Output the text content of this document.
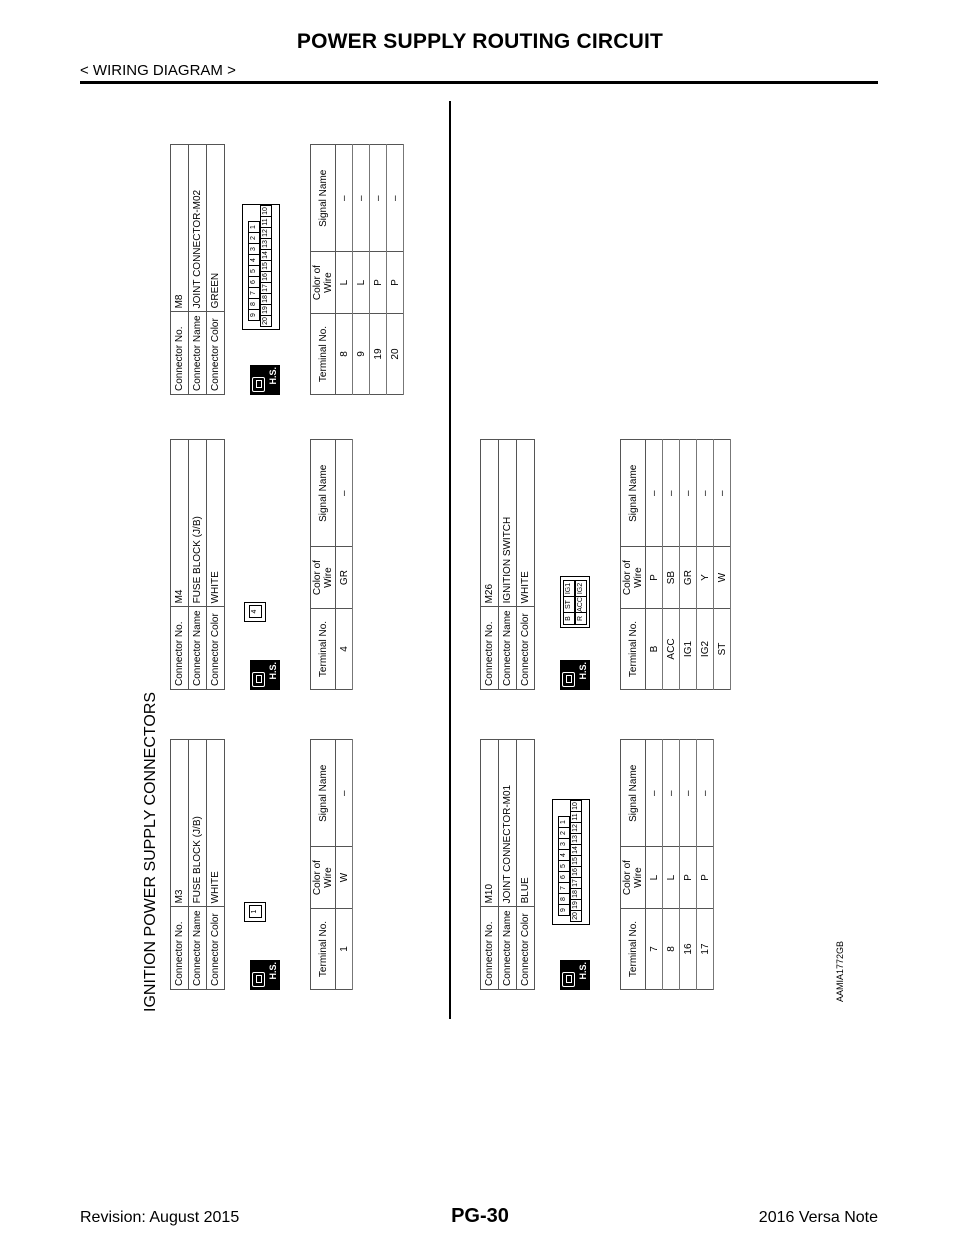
POWER SUPPLY ROUTING CIRCUIT
< WIRING DIAGRAM >
IGNITION POWER SUPPLY CONNECTORS	AAMIA1772GB
Connector No.	M3
Connector Name	FUSE BLOCK (J/B)
Connector Color	WHITE
H.S.
1
Terminal No.	Color of Wire	Signal Name
1	W	–
Connector No.	M4
Connector Name	FUSE BLOCK (J/B)
Connector Color	WHITE
H.S.
4
Terminal No.	Color of Wire	Signal Name
4	GR	–
Connector No.	M8
Connector Name	JOINT CONNECTOR-M02
Connector Color	GREEN
H.S.
9
8
7
6
5
4
3
2
1
20
19
18
17
16
15
14
13
12
11
10
Terminal No.	Color of Wire	Signal Name
8	L	–
9	L	–
19	P	–
20	P	–
Connector No.	M10
Connector Name	JOINT CONNECTOR-M01
Connector Color	BLUE
H.S.
9
8
7
6
5
4
3
2
1
20
19
18
17
16
15
14
13
12
11
10
Terminal No.	Color of Wire	Signal Name
7	L	–
8	L	–
16	P	–
17	P	–
Connector No.	M26
Connector Name	IGNITION SWITCH
Connector Color	WHITE
H.S.
B
ST
IG1
R
ACC
IG2
Terminal No.	Color of Wire	Signal Name
B	P	–
ACC	SB	–
IG1	GR	–
IG2	Y	–
ST	W	–
Revision: August 2015	PG-30	2016 Versa Note
